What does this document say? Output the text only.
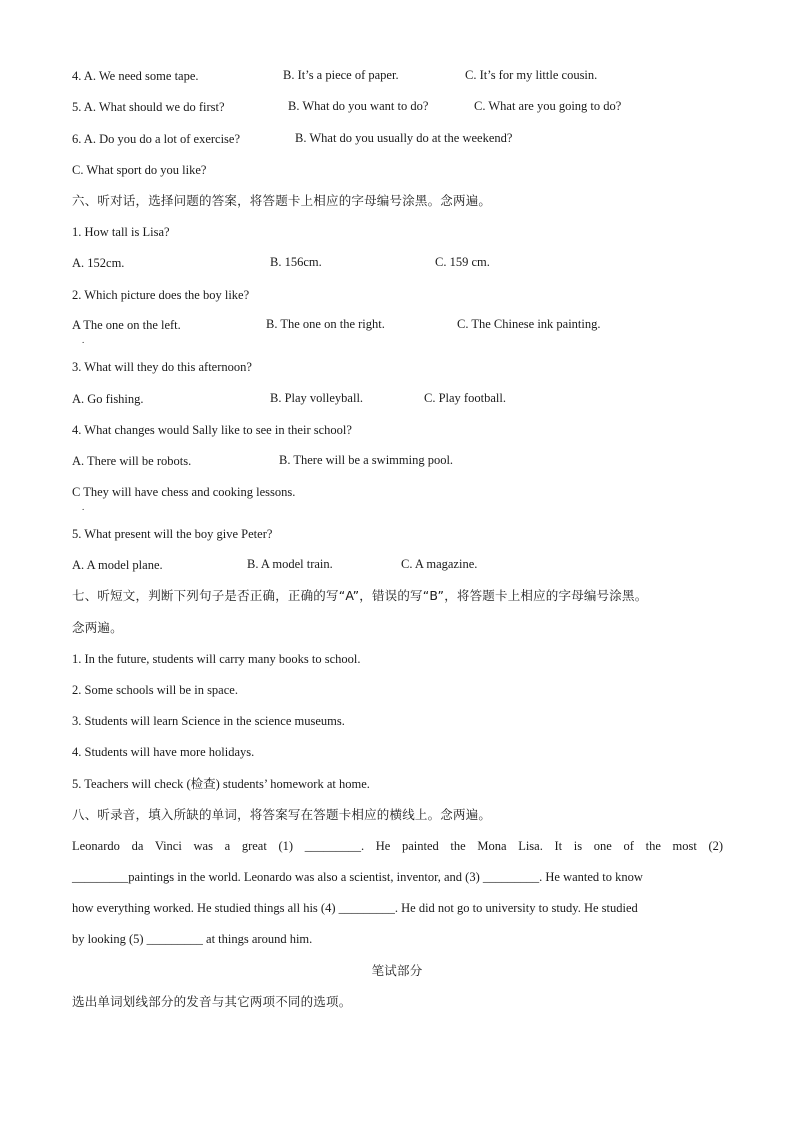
4. A. We need some tape.	B. It’s a piece of paper.	C. It’s for my little cousin.
5. A. What should we do first?	B. What do you want to do?	C. What are you going to do?
6. A. Do you do a lot of exercise?	B. What do you usually do at the weekend?
C. What sport do you like?
六、听对话，选择问题的答案，将答题卡上相应的字母编号涂黑。念两遍。
1. How tall is Lisa?
A. 152cm.	B. 156cm.	C. 159 cm.
2. Which picture does the boy like?
A The one on the left.
.
B. The one on the right.	C. The Chinese ink painting.
3. What will they do this afternoon?
A. Go fishing.	B. Play volleyball.	C. Play football.
4. What changes would Sally like to see in their school?
A. There will be robots.	B. There will be a swimming pool.
C They will have chess and cooking lessons.
.
5. What present will the boy give Peter?
A. A model plane.	B. A model train.	C. A magazine.
七、听短文，判断下列句子是否正确，正确的写“A”，错误的写“B”，将答题卡上相应的字母编号涂黑。
念两遍。
1. In the future, students will carry many books to school.
2. Some schools will be in space.
3. Students will learn Science in the science museums.
4. Students will have more holidays.
5. Teachers will check (检查) students’ homework at home.
八、听录音，填入所缺的单词，将答案写在答题卡相应的横线上。念两遍。
Leonardo da Vinci was a great (1) _________. He painted the Mona Lisa. It is one of the most (2)
_________paintings in the world. Leonardo was also a scientist, inventor, and (3) _________. He wanted to know
how everything worked. He studied things all his (4) _________. He did not go to university to study. He studied
by looking (5) _________ at things around him.
笔试部分
选出单词划线部分的发音与其它两项不同的选项。
